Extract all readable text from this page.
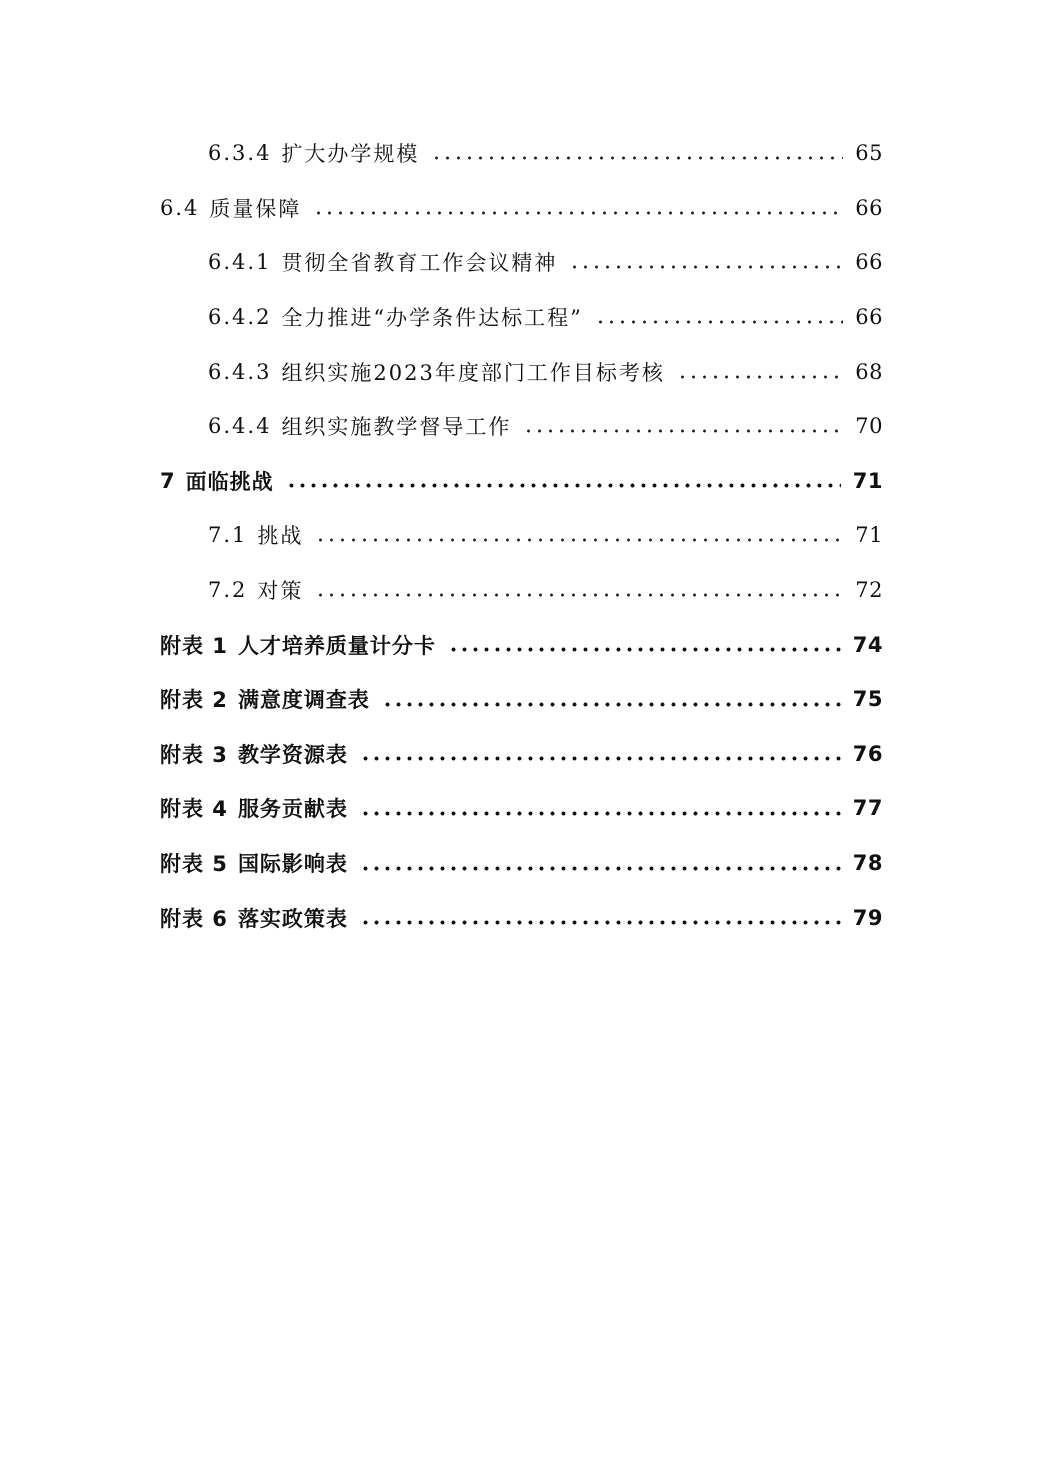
6.3.4 扩大办学规模	65
6.4 质量保障	66
6.4.1 贯彻全省教育工作会议精神	66
6.4.2 全力推进“办学条件达标工程”	66
6.4.3 组织实施2023年度部门工作目标考核	68
6.4.4 组织实施教学督导工作	70
7 面临挑战	71
7.1 挑战	71
7.2 对策	72
附表 1 人才培养质量计分卡	74
附表 2 满意度调查表	75
附表 3 教学资源表	76
附表 4 服务贡献表	77
附表 5 国际影响表	78
附表 6 落实政策表	79
